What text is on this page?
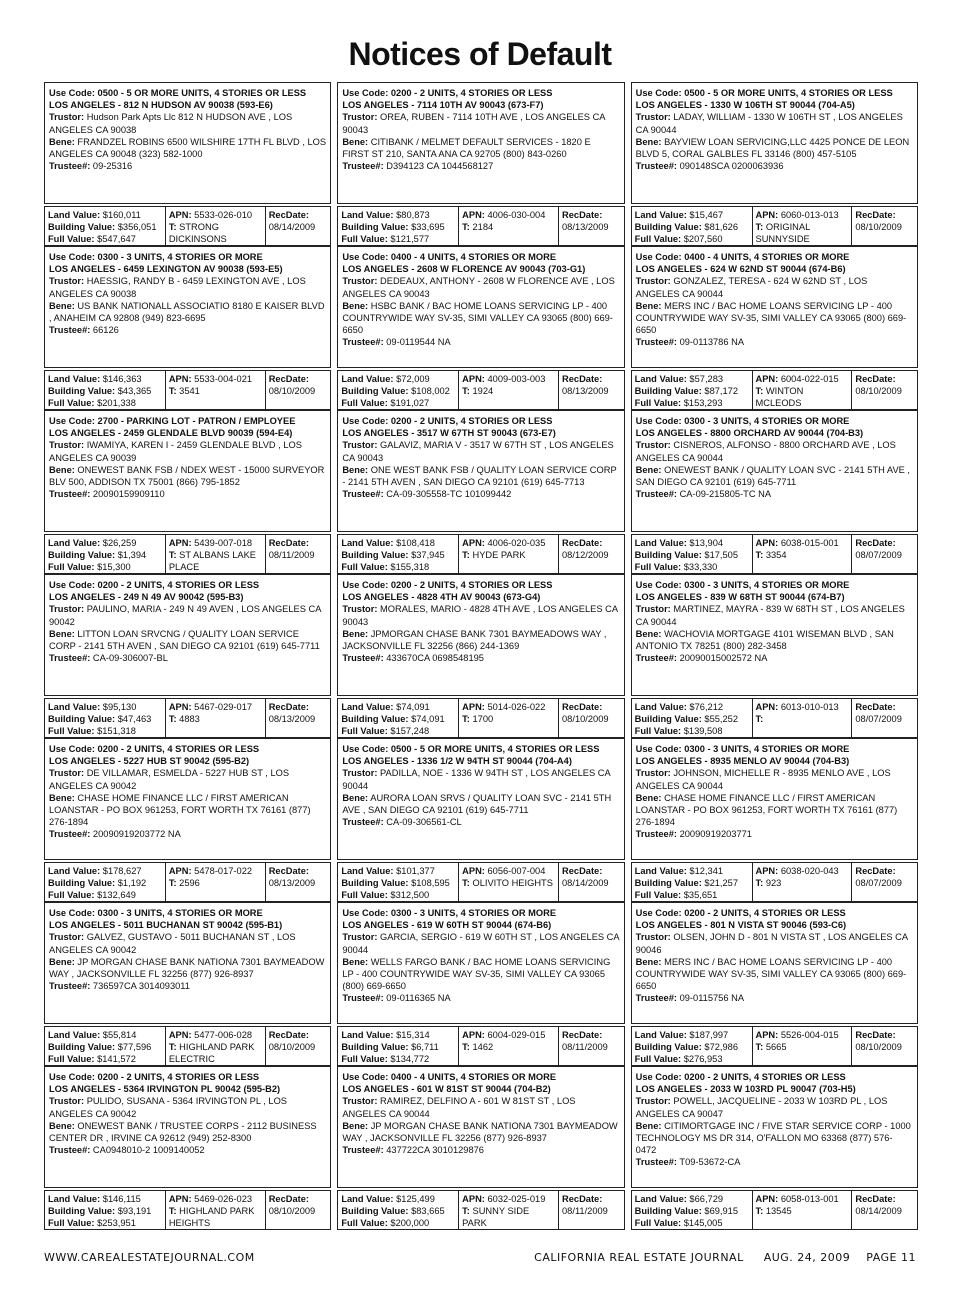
Notices of Default
Use Code: 0500 - 5 OR MORE UNITS, 4 STORIES OR LESS
LOS ANGELES - 812 N HUDSON AV 90038 (593-E6)
Trustor: Hudson Park Apts Llc 812 N HUDSON AVE , LOS ANGELES CA 90038
Bene: FRANDZEL ROBINS 6500 WILSHIRE 17TH FL BLVD , LOS ANGELES CA 90048 (323) 582-1000
Trustee#: 09-25316
Land Value: $160,011
Building Value: $356,051
Full Value: $547,647
APN: 5533-026-010
T: STRONG DICKINSONS
RecDate:
08/14/2009
Use Code: 0300 - 3 UNITS, 4 STORIES OR MORE
LOS ANGELES - 6459 LEXINGTON AV 90038 (593-E5)
Trustor: HAESSIG, RANDY B - 6459 LEXINGTON AVE , LOS ANGELES CA 90038
Bene: US BANK NATIONALL ASSOCIATIO 8180 E KAISER BLVD , ANAHEIM CA 92808 (949) 823-6695
Trustee#: 66126
Land Value: $146,363
Building Value: $43,365
Full Value: $201,338
APN: 5533-004-021
T: 3541
RecDate:
08/10/2009
Use Code: 2700 - PARKING LOT - PATRON / EMPLOYEE
LOS ANGELES - 2459 GLENDALE BLVD 90039 (594-E4)
Trustor: IWAMIYA, KAREN I - 2459 GLENDALE BLVD , LOS ANGELES CA 90039
Bene: ONEWEST BANK FSB / NDEX WEST - 15000 SURVEYOR BLV 500, ADDISON TX 75001 (866) 795-1852
Trustee#: 20090159909110
Land Value: $26,259
Building Value: $1,394
Full Value: $15,300
APN: 5439-007-018
T: ST ALBANS LAKE PLACE
RecDate:
08/11/2009
Use Code: 0200 - 2 UNITS, 4 STORIES OR LESS
LOS ANGELES - 249 N 49 AV 90042 (595-B3)
Trustor: PAULINO, MARIA - 249 N 49 AVEN , LOS ANGELES CA 90042
Bene: LITTON LOAN SRVCNG / QUALITY LOAN SERVICE CORP - 2141 5TH AVEN , SAN DIEGO CA 92101 (619) 645-7711
Trustee#: CA-09-306007-BL
Land Value: $95,130
Building Value: $47,463
Full Value: $151,318
APN: 5467-029-017
T: 4883
RecDate:
08/13/2009
Use Code: 0200 - 2 UNITS, 4 STORIES OR LESS
LOS ANGELES - 5227 HUB ST 90042 (595-B2)
Trustor: DE VILLAMAR, ESMELDA - 5227 HUB ST , LOS ANGELES CA 90042
Bene: CHASE HOME FINANCE LLC / FIRST AMERICAN LOANSTAR - PO BOX 961253, FORT WORTH TX 76161 (877) 276-1894
Trustee#: 20090919203772 NA
Land Value: $178,627
Building Value: $1,192
Full Value: $132,649
APN: 5478-017-022
T: 2596
RecDate:
08/13/2009
Use Code: 0300 - 3 UNITS, 4 STORIES OR MORE
LOS ANGELES - 5011 BUCHANAN ST 90042 (595-B1)
Trustor: GALVEZ, GUSTAVO - 5011 BUCHANAN ST , LOS ANGELES CA 90042
Bene: JP MORGAN CHASE BANK NATIONA 7301 BAYMEADOW WAY , JACKSONVILLE FL 32256 (877) 926-8937
Trustee#: 736597CA 3014093011
Land Value: $55,814
Building Value: $77,596
Full Value: $141,572
APN: 5477-006-028
T: HIGHLAND PARK ELECTRIC
RecDate:
08/10/2009
Use Code: 0200 - 2 UNITS, 4 STORIES OR LESS
LOS ANGELES - 5364 IRVINGTON PL 90042 (595-B2)
Trustor: PULIDO, SUSANA - 5364 IRVINGTON PL , LOS ANGELES CA 90042
Bene: ONEWEST BANK / TRUSTEE CORPS - 2112 BUSINESS CENTER DR , IRVINE CA 92612 (949) 252-8300
Trustee#: CA0948010-2 1009140052
Land Value: $146,115
Building Value: $93,191
Full Value: $253,951
APN: 5469-026-023
T: HIGHLAND PARK HEIGHTS
RecDate:
08/10/2009
Use Code: 0200 - 2 UNITS, 4 STORIES OR LESS
LOS ANGELES - 7114 10TH AV 90043 (673-F7)
Trustor: OREA, RUBEN - 7114 10TH AVE , LOS ANGELES CA 90043
Bene: CITIBANK / MELMET DEFAULT SERVICES - 1820 E FIRST ST 210, SANTA ANA CA 92705 (800) 843-0260
Trustee#: D394123 CA 1044568127
Land Value: $80,873
Building Value: $33,695
Full Value: $121,577
APN: 4006-030-004
T: 2184
RecDate:
08/13/2009
Use Code: 0400 - 4 UNITS, 4 STORIES OR MORE
LOS ANGELES - 2608 W FLORENCE AV 90043 (703-G1)
Trustor: DEDEAUX, ANTHONY - 2608 W FLORENCE AVE , LOS ANGELES CA 90043
Bene: HSBC BANK / BAC HOME LOANS SERVICING LP - 400 COUNTRYWIDE WAY SV-35, SIMI VALLEY CA 93065 (800) 669-6650
Trustee#: 09-0119544 NA
Land Value: $72,009
Building Value: $108,002
Full Value: $191,027
APN: 4009-003-003
T: 1924
RecDate:
08/13/2009
Use Code: 0200 - 2 UNITS, 4 STORIES OR LESS
LOS ANGELES - 3517 W 67TH ST 90043 (673-E7)
Trustor: GALAVIZ, MARIA V - 3517 W 67TH ST , LOS ANGELES CA 90043
Bene: ONE WEST BANK FSB / QUALITY LOAN SERVICE CORP - 2141 5TH AVEN , SAN DIEGO CA 92101 (619) 645-7713
Trustee#: CA-09-305558-TC 101099442
Land Value: $108,418
Building Value: $37,945
Full Value: $155,318
APN: 4006-020-035
T: HYDE PARK
RecDate:
08/12/2009
Use Code: 0200 - 2 UNITS, 4 STORIES OR LESS
LOS ANGELES - 4828 4TH AV 90043 (673-G4)
Trustor: MORALES, MARIO - 4828 4TH AVE , LOS ANGELES CA 90043
Bene: JPMORGAN CHASE BANK 7301 BAYMEADOWS WAY , JACKSONVILLE FL 32256 (866) 244-1369
Trustee#: 433670CA 0698548195
Land Value: $74,091
Building Value: $74,091
Full Value: $157,248
APN: 5014-026-022
T: 1700
RecDate:
08/10/2009
Use Code: 0500 - 5 OR MORE UNITS, 4 STORIES OR LESS
LOS ANGELES - 1336 1/2 W 94TH ST 90044 (704-A4)
Trustor: PADILLA, NOE - 1336 W 94TH ST , LOS ANGELES CA 90044
Bene: AURORA LOAN SRVS / QUALITY LOAN SVC - 2141 5TH AVE , SAN DIEGO CA 92101 (619) 645-7711
Trustee#: CA-09-306561-CL
Land Value: $101,377
Building Value: $108,595
Full Value: $312,500
APN: 6056-007-004
T: OLIVITO HEIGHTS
RecDate:
08/14/2009
Use Code: 0300 - 3 UNITS, 4 STORIES OR MORE
LOS ANGELES - 619 W 60TH ST 90044 (674-B6)
Trustor: GARCIA, SERGIO - 619 W 60TH ST , LOS ANGELES CA 90044
Bene: WELLS FARGO BANK / BAC HOME LOANS SERVICING LP - 400 COUNTRYWIDE WAY SV-35, SIMI VALLEY CA 93065 (800) 669-6650
Trustee#: 09-0116365 NA
Land Value: $15,314
Building Value: $6,711
Full Value: $134,772
APN: 6004-029-015
T: 1462
RecDate:
08/11/2009
Use Code: 0400 - 4 UNITS, 4 STORIES OR MORE
LOS ANGELES - 601 W 81ST ST 90044 (704-B2)
Trustor: RAMIREZ, DELFINO A - 601 W 81ST ST , LOS ANGELES CA 90044
Bene: JP MORGAN CHASE BANK NATIONA 7301 BAYMEADOW WAY , JACKSONVILLE FL 32256 (877) 926-8937
Trustee#: 437722CA 3010129876
Land Value: $125,499
Building Value: $83,665
Full Value: $200,000
APN: 6032-025-019
T: SUNNY SIDE PARK
RecDate:
08/11/2009
Use Code: 0500 - 5 OR MORE UNITS, 4 STORIES OR LESS
LOS ANGELES - 1330 W 106TH ST 90044 (704-A5)
Trustor: LADAY, WILLIAM - 1330 W 106TH ST , LOS ANGELES CA 90044
Bene: BAYVIEW LOAN SERVICING,LLC 4425 PONCE DE LEON BLVD 5, CORAL GALBLES FL 33146 (800) 457-5105
Trustee#: 090148SCA 0200063936
Land Value: $15,467
Building Value: $81,626
Full Value: $207,560
APN: 6060-013-013
T: ORIGINAL SUNNYSIDE
RecDate:
08/10/2009
Use Code: 0400 - 4 UNITS, 4 STORIES OR MORE
LOS ANGELES - 624 W 62ND ST 90044 (674-B6)
Trustor: GONZALEZ, TERESA - 624 W 62ND ST , LOS ANGELES CA 90044
Bene: MERS INC / BAC HOME LOANS SERVICING LP - 400 COUNTRYWIDE WAY SV-35, SIMI VALLEY CA 93065 (800) 669-6650
Trustee#: 09-0113786 NA
Land Value: $57,283
Building Value: $87,172
Full Value: $153,293
APN: 6004-022-015
T: WINTON MCLEODS
RecDate:
08/10/2009
Use Code: 0300 - 3 UNITS, 4 STORIES OR MORE
LOS ANGELES - 8800 ORCHARD AV 90044 (704-B3)
Trustor: CISNEROS, ALFONSO - 8800 ORCHARD AVE , LOS ANGELES CA 90044
Bene: ONEWEST BANK / QUALITY LOAN SVC - 2141 5TH AVE , SAN DIEGO CA 92101 (619) 645-7711
Trustee#: CA-09-215805-TC NA
Land Value: $13,904
Building Value: $17,505
Full Value: $33,330
APN: 6038-015-001
T: 3354
RecDate:
08/07/2009
Use Code: 0300 - 3 UNITS, 4 STORIES OR MORE
LOS ANGELES - 839 W 68TH ST 90044 (674-B7)
Trustor: MARTINEZ, MAYRA - 839 W 68TH ST , LOS ANGELES CA 90044
Bene: WACHOVIA MORTGAGE 4101 WISEMAN BLVD , SAN ANTONIO TX 78251 (800) 282-3458
Trustee#: 20090015002572 NA
Land Value: $76,212
Building Value: $55,252
Full Value: $139,508
APN: 6013-010-013
T:
RecDate:
08/07/2009
Use Code: 0300 - 3 UNITS, 4 STORIES OR MORE
LOS ANGELES - 8935 MENLO AV 90044 (704-B3)
Trustor: JOHNSON, MICHELLE R - 8935 MENLO AVE , LOS ANGELES CA 90044
Bene: CHASE HOME FINANCE LLC / FIRST AMERICAN LOANSTAR - PO BOX 961253, FORT WORTH TX 76161 (877) 276-1894
Trustee#: 20090919203771
Land Value: $12,341
Building Value: $21,257
Full Value: $35,651
APN: 6038-020-043
T: 923
RecDate:
08/07/2009
Use Code: 0200 - 2 UNITS, 4 STORIES OR LESS
LOS ANGELES - 801 N VISTA ST 90046 (593-C6)
Trustor: OLSEN, JOHN D - 801 N VISTA ST , LOS ANGELES CA 90046
Bene: MERS INC / BAC HOME LOANS SERVICING LP - 400 COUNTRYWIDE WAY SV-35, SIMI VALLEY CA 93065 (800) 669-6650
Trustee#: 09-0115756 NA
Land Value: $187,997
Building Value: $72,986
Full Value: $276,953
APN: 5526-004-015
T: 5665
RecDate:
08/10/2009
Use Code: 0200 - 2 UNITS, 4 STORIES OR LESS
LOS ANGELES - 2033 W 103RD PL 90047 (703-H5)
Trustor: POWELL, JACQUELINE - 2033 W 103RD PL , LOS ANGELES CA 90047
Bene: CITIMORTGAGE INC / FIVE STAR SERVICE CORP - 1000 TECHNOLOGY MS DR 314, O'FALLON MO 63368 (877) 576-0472
Trustee#: T09-53672-CA
Land Value: $66,729
Building Value: $69,915
Full Value: $145,005
APN: 6058-013-001
T: 13545
RecDate:
08/14/2009
WWW.CAREALESTATEJOURNAL.COM	CALIFORNIA REAL ESTATE JOURNAL AUG. 24, 2009 PAGE 11
